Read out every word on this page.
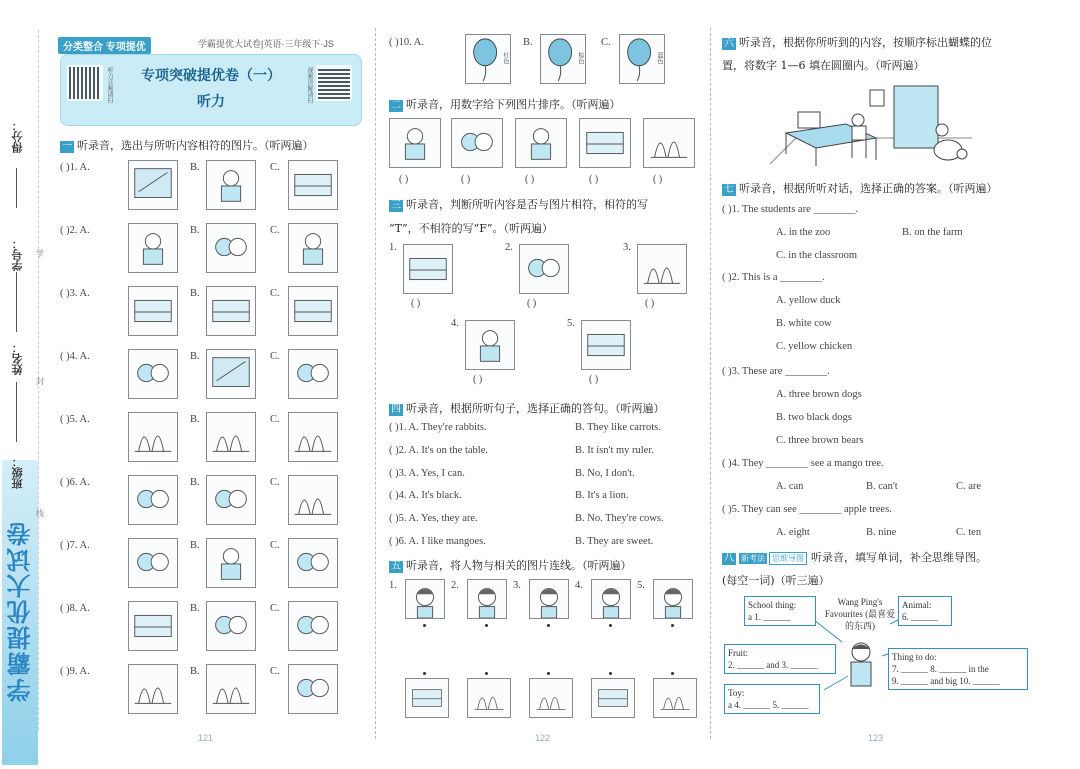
学霸提优大试卷
得分：
学号：
姓名：
班级：
学
封
线
分类整合 专项提优	学霸提优大试卷|英语·三年级下·JS
听力音频请扫	专项突破提优卷（一）
听力	视频讲解请扫
一 听录音，选出与所听内容相符的图片。（听两遍）
( )1. A.	B.	C.
( )2. A.	B.	C.
( )3. A.	B.	C.
( )4. A.	B.	C.
( )5. A.	B.	C.
( )6. A.	B.	C.
( )7. A.	B.	C.
( )8. A.	B.	C.
( )9. A.	B.	C.
121
( )10. A.
红色
B.
棕色
C.
蓝色
二 听录音，用数字给下列图片排序。（听两遍）
( )	( )	( )	( )	( )
三 听录音，判断所听内容是否与图片相符，相符的写
“T”，不相符的写“F”。（听两遍）
1.
( )
2.
( )
3.
( )
4.
( )
5.
( )
四 听录音，根据所听句子，选择正确的答句。（听两遍）
( )1. A. They're rabbits.	B. They like carrots.
( )2. A. It's on the table.	B. It isn't my ruler.
( )3. A. Yes, I can.	B. No, I don't.
( )4. A. It's black.	B. It's a lion.
( )5. A. Yes, they are.	B. No. They're cows.
( )6. A. I like mangoes.	B. They are sweet.
五 听录音，将人物与相关的图片连线。（听两遍）
1.	2.	3.	4.	5.
122
六 听录音，根据你所听到的内容，按顺序标出蝴蝶的位
置，将数字 1—6 填在圆圈内。（听两遍）
七 听录音，根据所听对话，选择正确的答案。（听两遍）
( )1. The students are ________.
A. in the zoo	B. on the farm
C. in the classroom
( )2. This is a ________.
A. yellow duck
B. white cow
C. yellow chicken
( )3. These are ________.
A. three brown dogs
B. two black dogs
C. three brown bears
( )4. They ________ see a mango tree.
A. can	B. can't	C. are
( )5. They can see ________ apple trees.
A. eight	B. nine	C. ten
八 新考法 思维导图 听录音，填写单词，补全思维导图。
(每空一词)（听三遍）
School thing:
a 1. ______
Wang Ping's Favourites (最喜爱的东西)
Animal:
6. ______
Fruit:
2. ______ and 3. ______
Thing to do:
7. ______ 8. ______ in the
9. ______ and big 10. ______
Toy:
a 4. ______ 5. ______
123
